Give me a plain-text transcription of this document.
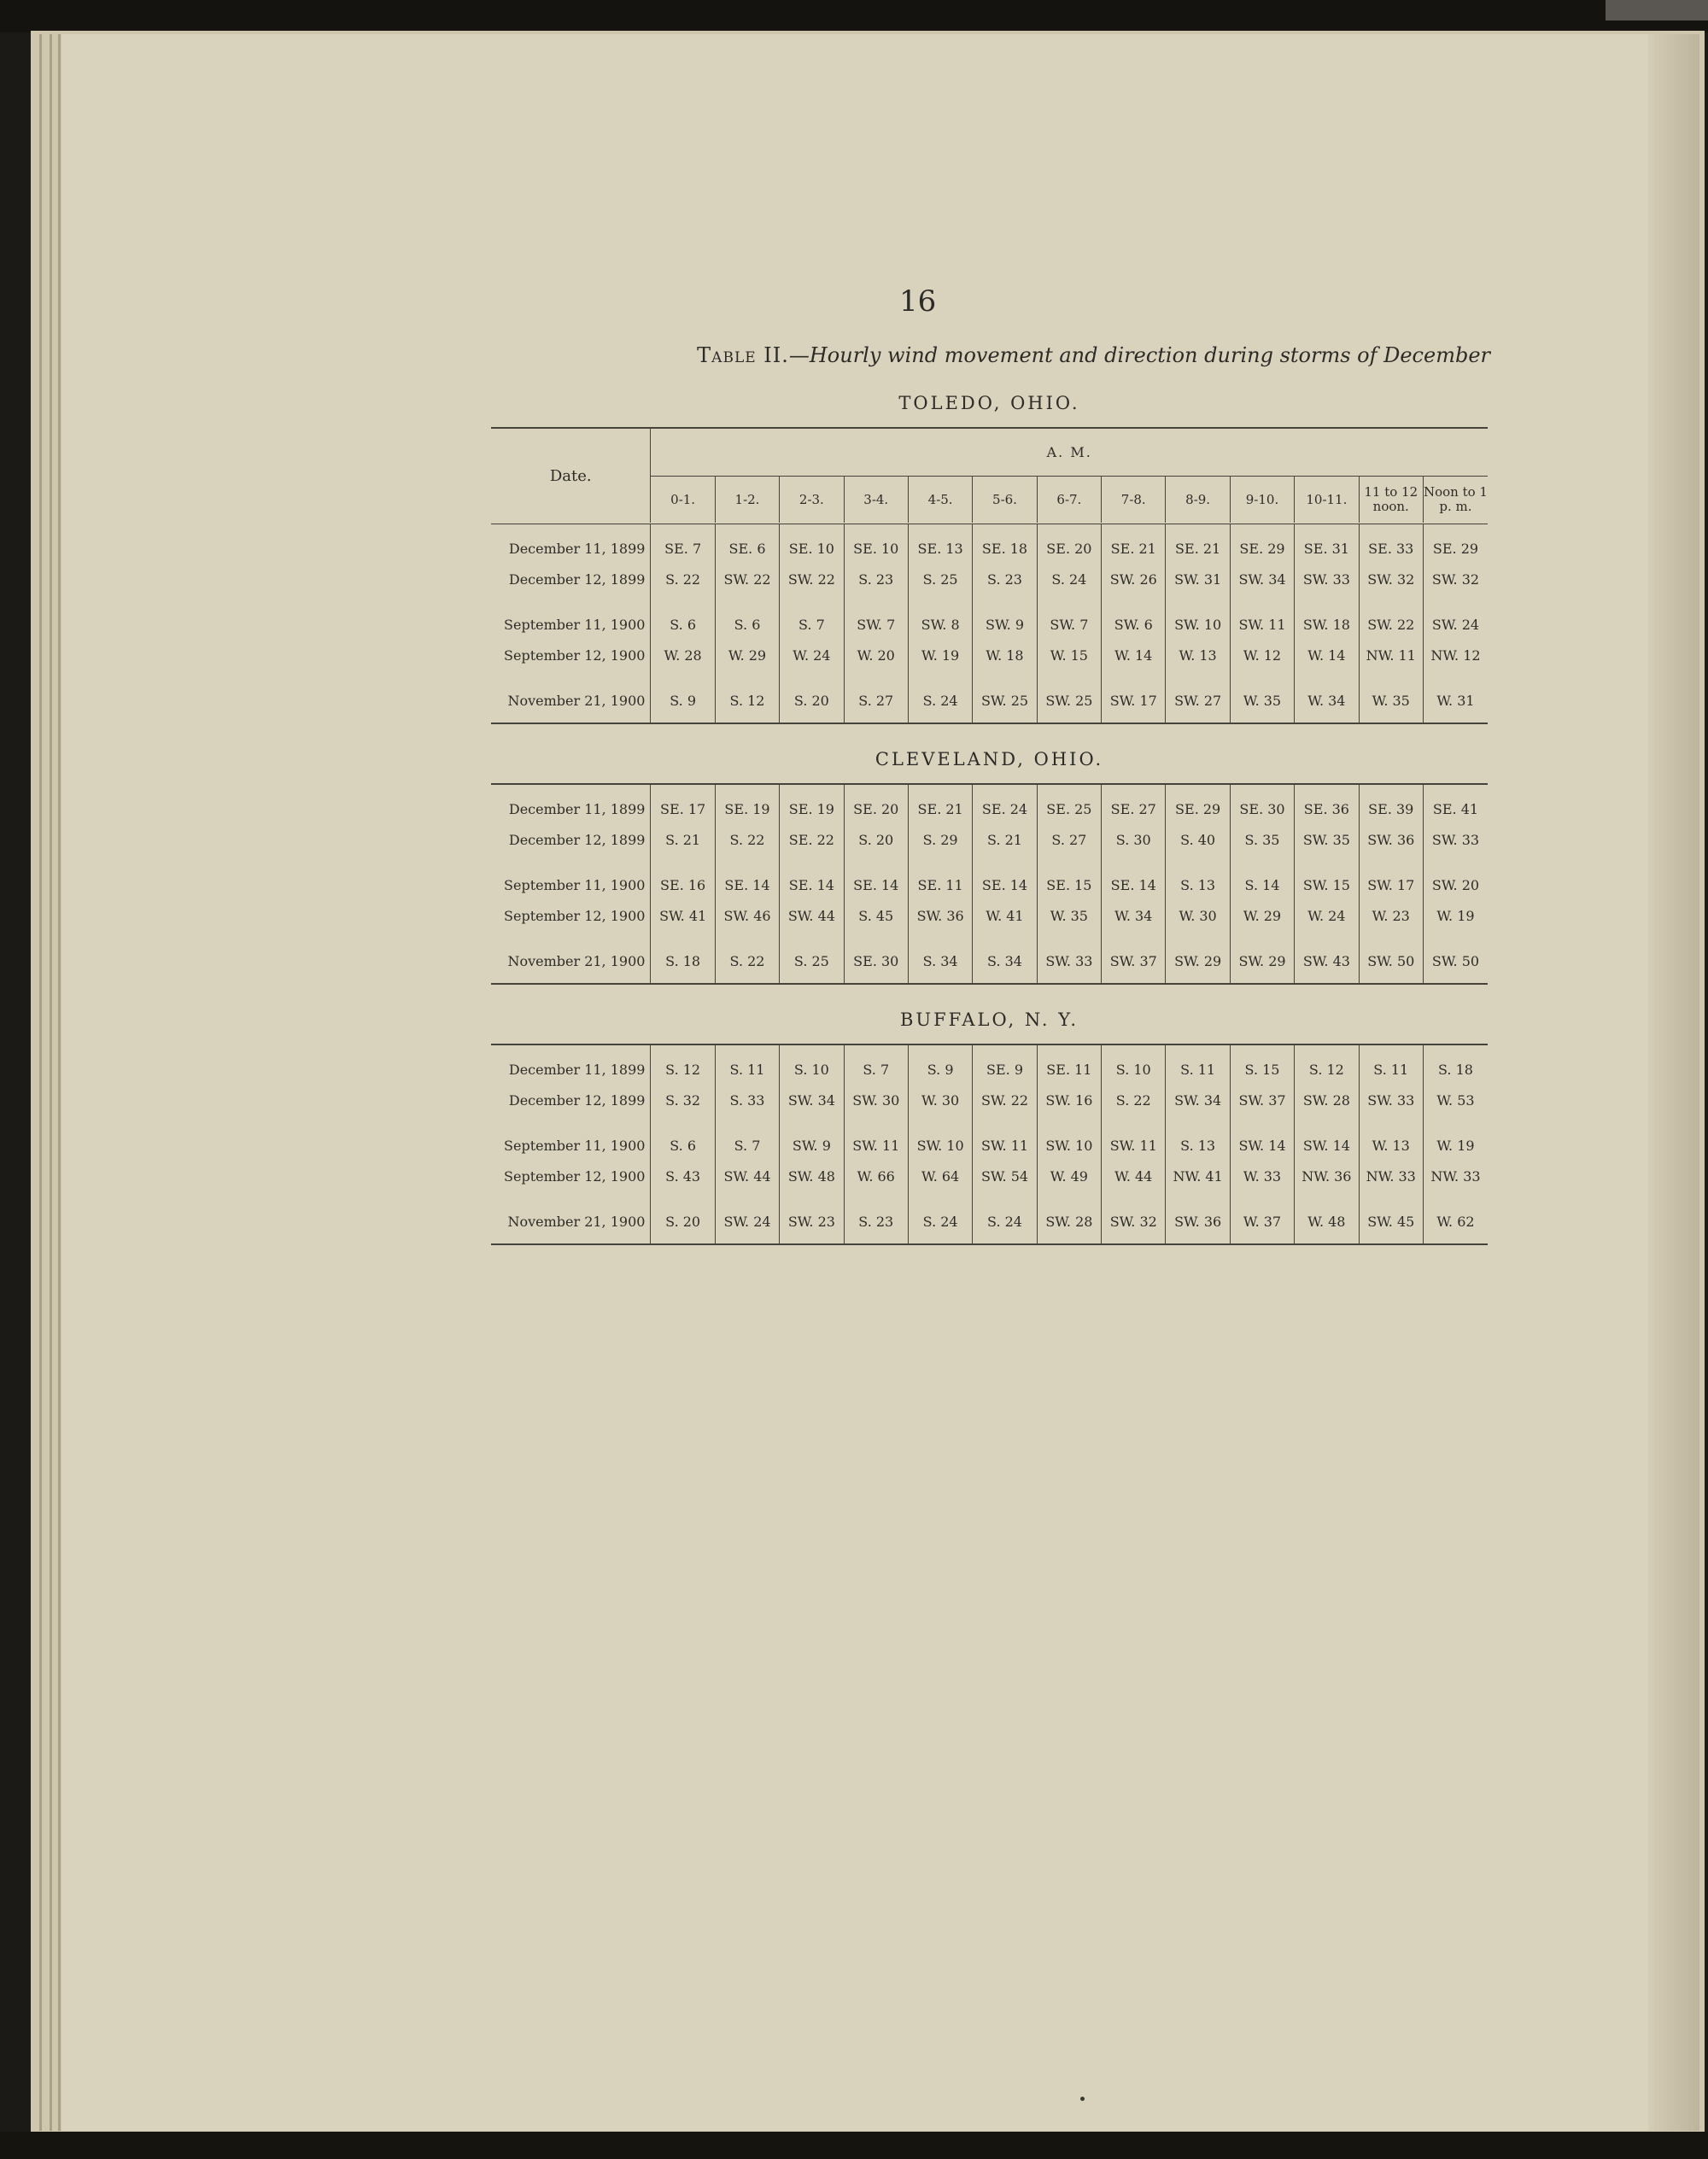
16
Table II.—Hourly wind movement and direction during storms of December
TOLEDO, OHIO.
Date.	A. M.												
	0-1.	1-2.	2-3.	3-4.	4-5.	5-6.	6-7.	7-8.	8-9.	9-10.	10-11.	11 to 12 noon.	Noon to 1 p. m.

December 11, 1899	SE. 7	SE. 6	SE. 10	SE. 10	SE. 13	SE. 18	SE. 20	SE. 21	SE. 21	SE. 29	SE. 31	SE. 33	SE. 29
December 12, 1899	S. 22	SW. 22	SW. 22	S. 23	S. 25	S. 23	S. 24	SW. 26	SW. 31	SW. 34	SW. 33	SW. 32	SW. 32

September 11, 1900	S. 6	S. 6	S. 7	SW. 7	SW. 8	SW. 9	SW. 7	SW. 6	SW. 10	SW. 11	SW. 18	SW. 22	SW. 24
September 12, 1900	W. 28	W. 29	W. 24	W. 20	W. 19	W. 18	W. 15	W. 14	W. 13	W. 12	W. 14	NW. 11	NW. 12

November 21, 1900	S. 9	S. 12	S. 20	S. 27	S. 24	SW. 25	SW. 25	SW. 17	SW. 27	W. 35	W. 34	W. 35	W. 31

CLEVELAND, OHIO.

December 11, 1899	SE. 17	SE. 19	SE. 19	SE. 20	SE. 21	SE. 24	SE. 25	SE. 27	SE. 29	SE. 30	SE. 36	SE. 39	SE. 41
December 12, 1899	S. 21	S. 22	SE. 22	S. 20	S. 29	S. 21	S. 27	S. 30	S. 40	S. 35	SW. 35	SW. 36	SW. 33

September 11, 1900	SE. 16	SE. 14	SE. 14	SE. 14	SE. 11	SE. 14	SE. 15	SE. 14	S. 13	S. 14	SW. 15	SW. 17	SW. 20
September 12, 1900	SW. 41	SW. 46	SW. 44	S. 45	SW. 36	W. 41	W. 35	W. 34	W. 30	W. 29	W. 24	W. 23	W. 19

November 21, 1900	S. 18	S. 22	S. 25	SE. 30	S. 34	S. 34	SW. 33	SW. 37	SW. 29	SW. 29	SW. 43	SW. 50	SW. 50

BUFFALO, N. Y.

December 11, 1899	S. 12	S. 11	S. 10	S. 7	S. 9	SE. 9	SE. 11	S. 10	S. 11	S. 15	S. 12	S. 11	S. 18
December 12, 1899	S. 32	S. 33	SW. 34	SW. 30	W. 30	SW. 22	SW. 16	S. 22	SW. 34	SW. 37	SW. 28	SW. 33	W. 53

September 11, 1900	S. 6	S. 7	SW. 9	SW. 11	SW. 10	SW. 11	SW. 10	SW. 11	S. 13	SW. 14	SW. 14	W. 13	W. 19
September 12, 1900	S. 43	SW. 44	SW. 48	W. 66	W. 64	SW. 54	W. 49	W. 44	NW. 41	W. 33	NW. 36	NW. 33	NW. 33

November 21, 1900	S. 20	SW. 24	SW. 23	S. 23	S. 24	S. 24	SW. 28	SW. 32	SW. 36	W. 37	W. 48	SW. 45	W. 62
